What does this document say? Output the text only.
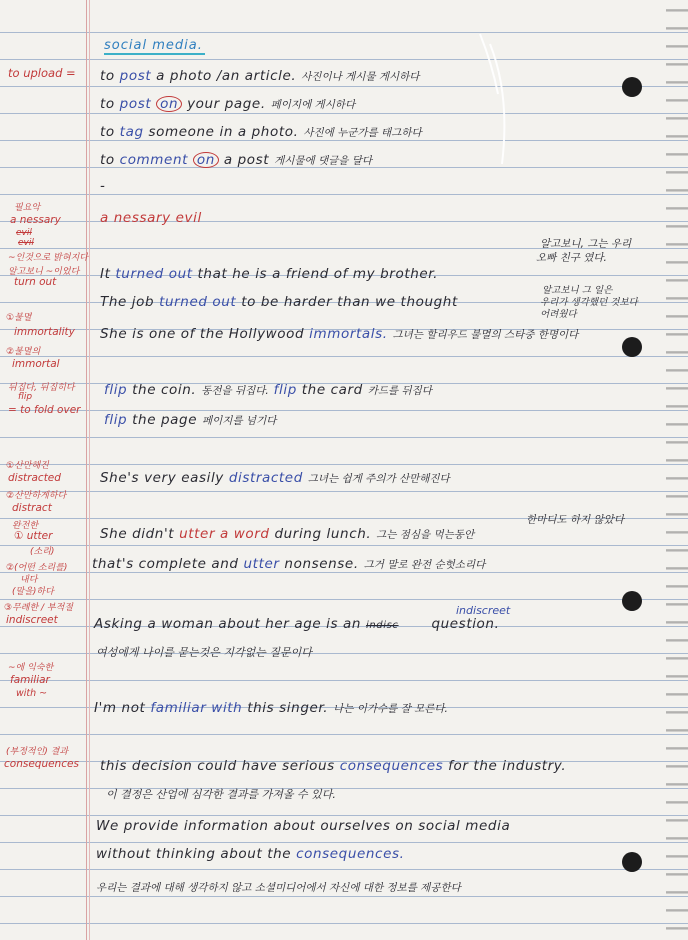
social media.
to upload =
필요악
a nessary
evil
evil
~인것으로 밝혀지다
알고보니 ~이었다
turn out
①불멸
immortality
②불멸의
immortal
뒤집다, 뒤집히다
flip
= to fold over
①산만해진
distracted
②산만하게하다
distract
완전한
① utter
(소리)
②(어떤 소리를)
내다
(말을)하다
③무례한 / 부적절
indiscreet
~에 익숙한
familiar
with ~
(부정적인) 결과
consequences
to post a photo /an article. 사진이나 게시물 게시하다
to post on your page. 페이지에 게시하다
to tag someone in a photo. 사진에 누군가를 태그하다
to comment on a post 게시물에 댓글을 달다
-
a nessary evil
알고보니, 그는 우리
오빠 친구 였다.
It turned out that he is a friend of my brother.
알고보니 그 일은
우리가 생각했던 것보다
어려웠다
The job turned out to be harder than we thought
She is one of the Hollywood immortals. 그녀는 할리우드 불멸의 스타중 한명이다
flip the coin. 동전을 뒤집다. flip the card 카드를 뒤집다
flip the page 페이지를 넘기다
She's very easily distracted 그녀는 쉽게 주의가 산만해진다
한마디도 하지 않았다
She didn't utter a word during lunch. 그는 점심을 먹는동안
that's complete and utter nonsense. 그거 말로 완전 순헛소리다
indiscreet
Asking a woman about her age is an indisc question.
여성에게 나이를 묻는것은 지각없는 질문이다
I'm not familiar with this singer. 나는 이가수를 잘 모른다.
this decision could have serious consequences for the industry.
이 결정은 산업에 심각한 결과를 가져올 수 있다.
We provide information about ourselves on social media
without thinking about the consequences.
우리는 결과에 대해 생각하지 않고 소셜미디어에서 자신에 대한 정보를 제공한다
